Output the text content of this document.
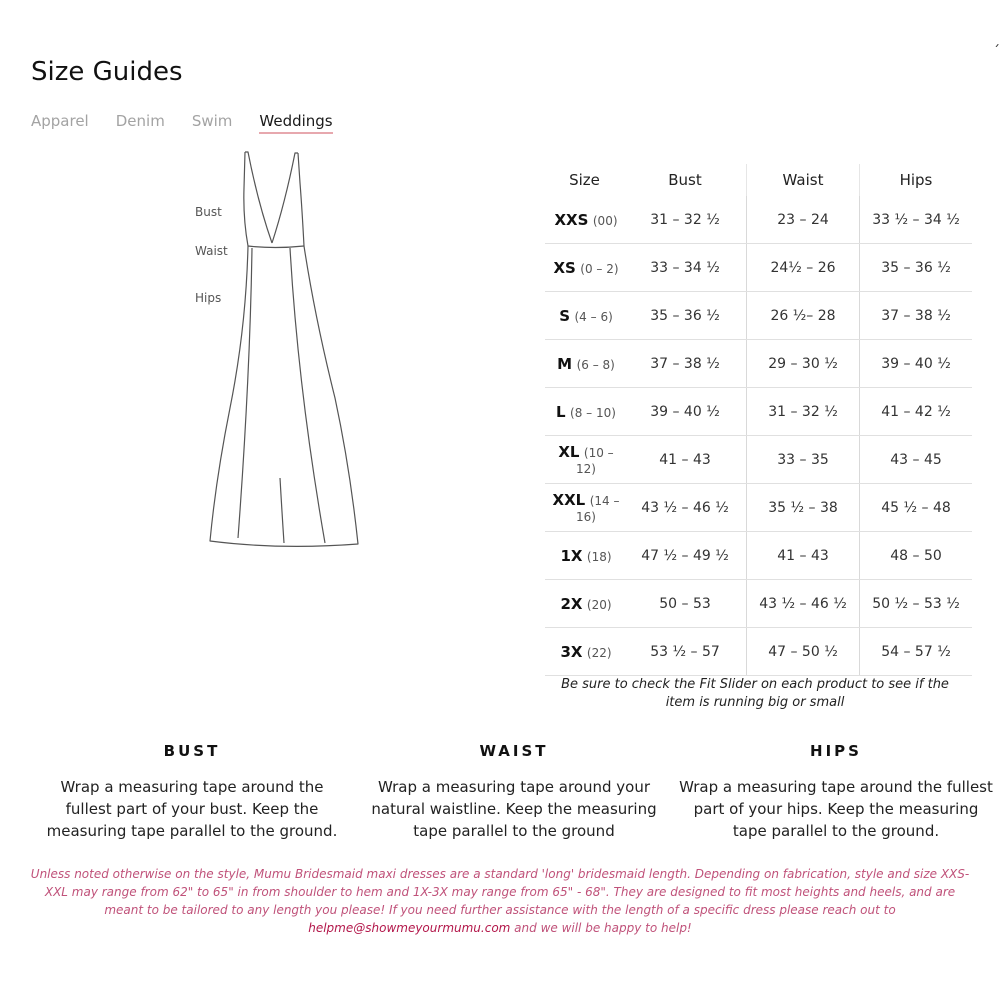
Size Guides
ˊ
Apparel Denim Swim Weddings
Bust
Waist
Hips
Size	Bust	Waist	Hips
XXS (00)	31 – 32 ½	23 – 24	33 ½ – 34 ½
XS (0 – 2)	33 – 34 ½	24½ – 26	35 – 36 ½
S (4 – 6)	35 – 36 ½	26 ½– 28	37 – 38 ½
M (6 – 8)	37 – 38 ½	29 – 30 ½	39 – 40 ½
L (8 – 10)	39 – 40 ½	31 – 32 ½	41 – 42 ½
XL (10 – 12)	41 – 43	33 – 35	43 – 45
XXL (14 – 16)	43 ½ – 46 ½	35 ½ – 38	45 ½ – 48
1X (18)	47 ½ – 49 ½	41 – 43	48 – 50
2X (20)	50 – 53	43 ½ – 46 ½	50 ½ – 53 ½
3X (22)	53 ½ – 57	47 – 50 ½	54 – 57 ½
Be sure to check the Fit Slider on each product to see if the item is running big or small
BUST

Wrap a measuring tape around the fullest part of your bust. Keep the measuring tape parallel to the ground.

WAIST

Wrap a measuring tape around your natural waistline. Keep the measuring tape parallel to the ground

HIPS

Wrap a measuring tape around the fullest part of your hips. Keep the measuring tape parallel to the ground.

Unless noted otherwise on the style, Mumu Bridesmaid maxi dresses are a standard 'long' bridesmaid length. Depending on fabrication, style and size XXS-XXL may range from 62" to 65" in from shoulder to hem and 1X-3X may range from 65" - 68". They are designed to fit most heights and heels, and are meant to be tailored to any length you please! If you need further assistance with the length of a specific dress please reach out to helpme@showmeyourmumu.com and we will be happy to help!
